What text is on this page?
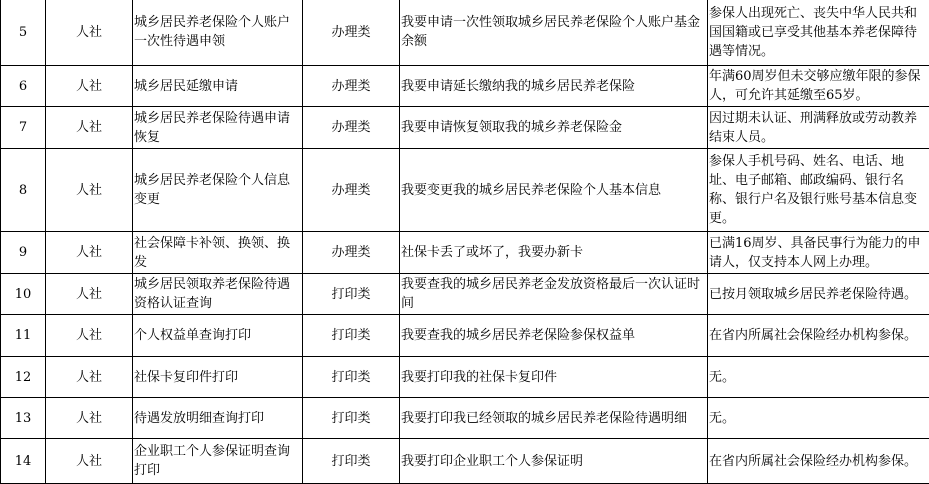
5	人社	城乡居民养老保险个人账户一次性待遇申领	办理类	我要申请一次性领取城乡居民养老保险个人账户基金余额	参保人出现死亡、丧失中华人民共和国国籍或已享受其他基本养老保障待遇等情况。
6	人社	城乡居民延缴申请	办理类	我要申请延长缴纳我的城乡居民养老保险	年满60周岁但未交够应缴年限的参保人，可允许其延缴至65岁。
7	人社	城乡居民养老保险待遇申请恢复	办理类	我要申请恢复领取我的城乡养老保险金	因过期未认证、刑满释放或劳动教养结束人员。
8	人社	城乡居民养老保险个人信息变更	办理类	我要变更我的城乡居民养老保险个人基本信息	参保人手机号码、姓名、电话、地址、电子邮箱、邮政编码、银行名称、银行户名及银行账号基本信息变更。
9	人社	社会保障卡补领、换领、换发	办理类	社保卡丢了或坏了，我要办新卡	已满16周岁、具备民事行为能力的申请人，仅支持本人网上办理。
10	人社	城乡居民领取养老保险待遇资格认证查询	打印类	我要查我的城乡居民养老金发放资格最后一次认证时间	已按月领取城乡居民养老保险待遇。
11	人社	个人权益单查询打印	打印类	我要查我的城乡居民养老保险参保权益单	在省内所属社会保险经办机构参保。
12	人社	社保卡复印件打印	打印类	我要打印我的社保卡复印件	无。
13	人社	待遇发放明细查询打印	打印类	我要打印我已经领取的城乡居民养老保险待遇明细	无。
14	人社	企业职工个人参保证明查询打印	打印类	我要打印企业职工个人参保证明	在省内所属社会保险经办机构参保。
